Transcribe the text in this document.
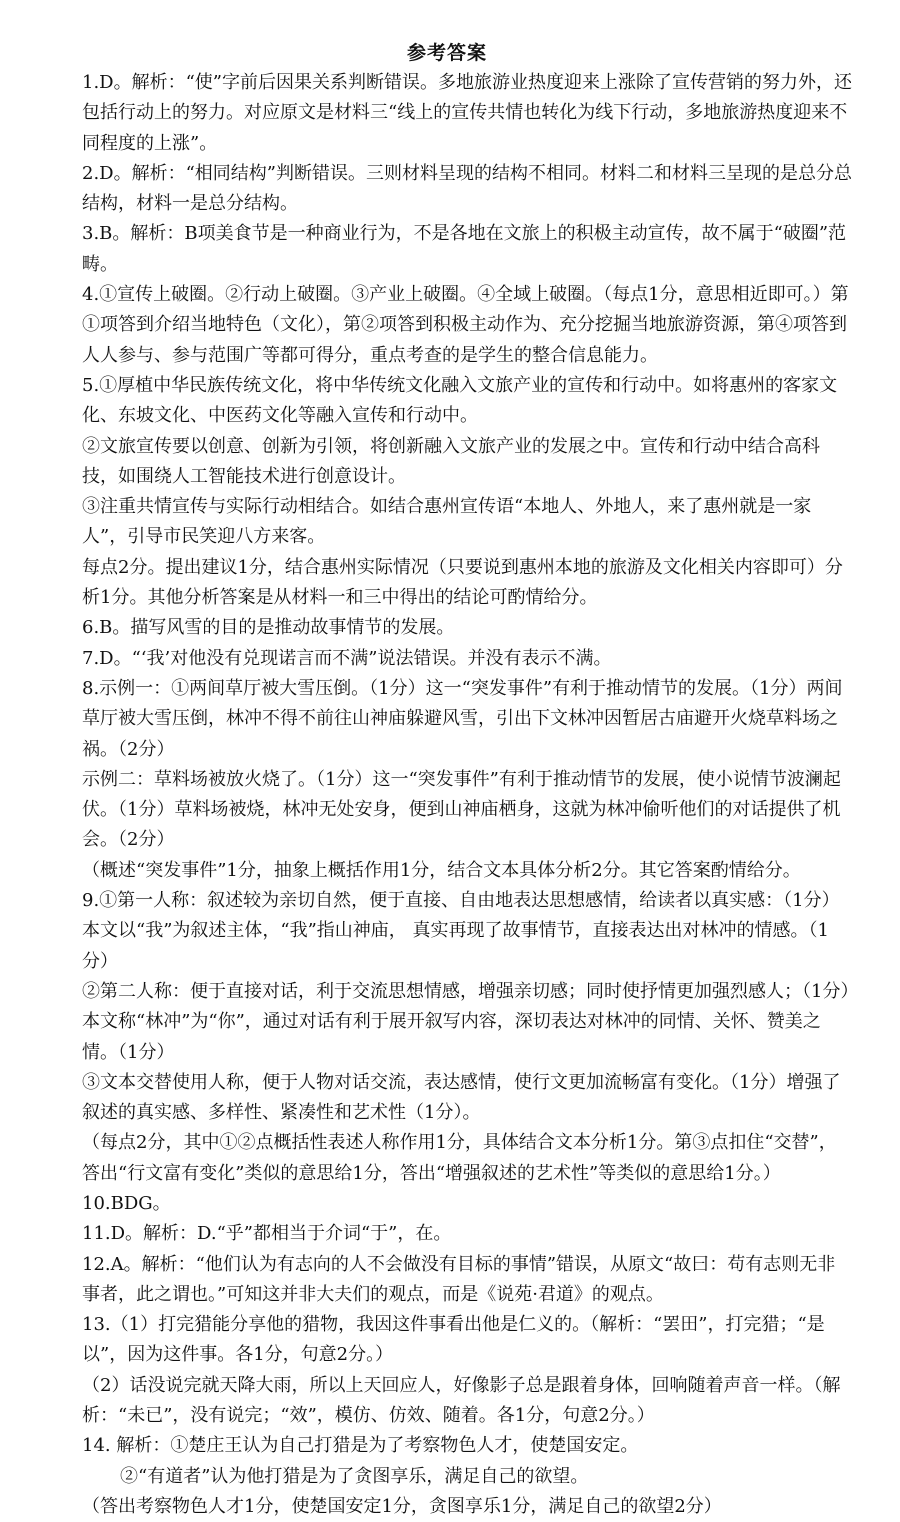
参考答案

1.D。解析：“使”字前后因果关系判断错误。多地旅游业热度迎来上涨除了宣传营销的努力外，还包括行动上的努力。对应原文是材料三“线上的宣传共情也转化为线下行动，多地旅游热度迎来不同程度的上涨”。

2.D。解析：“相同结构”判断错误。三则材料呈现的结构不相同。材料二和材料三呈现的是总分总结构，材料一是总分结构。

3.B。解析：B项美食节是一种商业行为，不是各地在文旅上的积极主动宣传，故不属于“破圈”范畴。

4.①宣传上破圈。②行动上破圈。③产业上破圈。④全域上破圈。（每点1分，意思相近即可。）第①项答到介绍当地特色（文化），第②项答到积极主动作为、充分挖掘当地旅游资源，第④项答到人人参与、参与范围广等都可得分，重点考查的是学生的整合信息能力。

5.①厚植中华民族传统文化，将中华传统文化融入文旅产业的宣传和行动中。如将惠州的客家文化、东坡文化、中医药文化等融入宣传和行动中。

②文旅宣传要以创意、创新为引领，将创新融入文旅产业的发展之中。宣传和行动中结合高科技，如围绕人工智能技术进行创意设计。

③注重共情宣传与实际行动相结合。如结合惠州宣传语“本地人、外地人，来了惠州就是一家人”，引导市民笑迎八方来客。

每点2分。提出建议1分，结合惠州实际情况（只要说到惠州本地的旅游及文化相关内容即可）分析1分。其他分析答案是从材料一和三中得出的结论可酌情给分。

6.B。描写风雪的目的是推动故事情节的发展。

7.D。“‘我’对他没有兑现诺言而不满”说法错误。并没有表示不满。

8.示例一：①两间草厅被大雪压倒。（1分）这一“突发事件”有利于推动情节的发展。（1分）两间草厅被大雪压倒，林冲不得不前往山神庙躲避风雪，引出下文林冲因暂居古庙避开火烧草料场之祸。（2分）

示例二：草料场被放火烧了。（1分）这一“突发事件”有利于推动情节的发展，使小说情节波澜起伏。（1分）草料场被烧，林冲无处安身，便到山神庙栖身，这就为林冲偷听他们的对话提供了机会。（2分）

（概述“突发事件”1分，抽象上概括作用1分，结合文本具体分析2分。其它答案酌情给分。

9.①第一人称：叙述较为亲切自然，便于直接、自由地表达思想感情，给读者以真实感：（1分）本文以“我”为叙述主体，“我”指山神庙， 真实再现了故事情节，直接表达出对林冲的情感。（1分）

②第二人称：便于直接对话，利于交流思想情感，增强亲切感；同时使抒情更加强烈感人；（1分）本文称“林冲”为“你”，通过对话有利于展开叙写内容，深切表达对林冲的同情、关怀、赞美之情。（1分）

③文本交替使用人称，便于人物对话交流，表达感情，使行文更加流畅富有变化。（1分）增强了叙述的真实感、多样性、紧凑性和艺术性（1分）。

（每点2分，其中①②点概括性表述人称作用1分，具体结合文本分析1分。第③点扣住“交替”，答出“行文富有变化”类似的意思给1分，答出“增强叙述的艺术性”等类似的意思给1分。）

10.BDG。

11.D。解析：D.“乎”都相当于介词“于”，在。

12.A。解析：“他们认为有志向的人不会做没有目标的事情”错误，从原文“故曰：苟有志则无非事者，此之谓也。”可知这并非大夫们的观点，而是《说苑·君道》的观点。

13.（1）打完猎能分享他的猎物，我因这件事看出他是仁义的。（解析：“罢田”，打完猎；“是以”，因为这件事。各1分，句意2分。）

（2）话没说完就天降大雨，所以上天回应人，好像影子总是跟着身体，回响随着声音一样。（解析：“未已”，没有说完；“效”，模仿、仿效、随着。各1分，句意2分。）

14. 解析：①楚庄王认为自己打猎是为了考察物色人才，使楚国安定。

②“有道者”认为他打猎是为了贪图享乐，满足自己的欲望。

（答出考察物色人才1分，使楚国安定1分，贪图享乐1分，满足自己的欲望2分）
